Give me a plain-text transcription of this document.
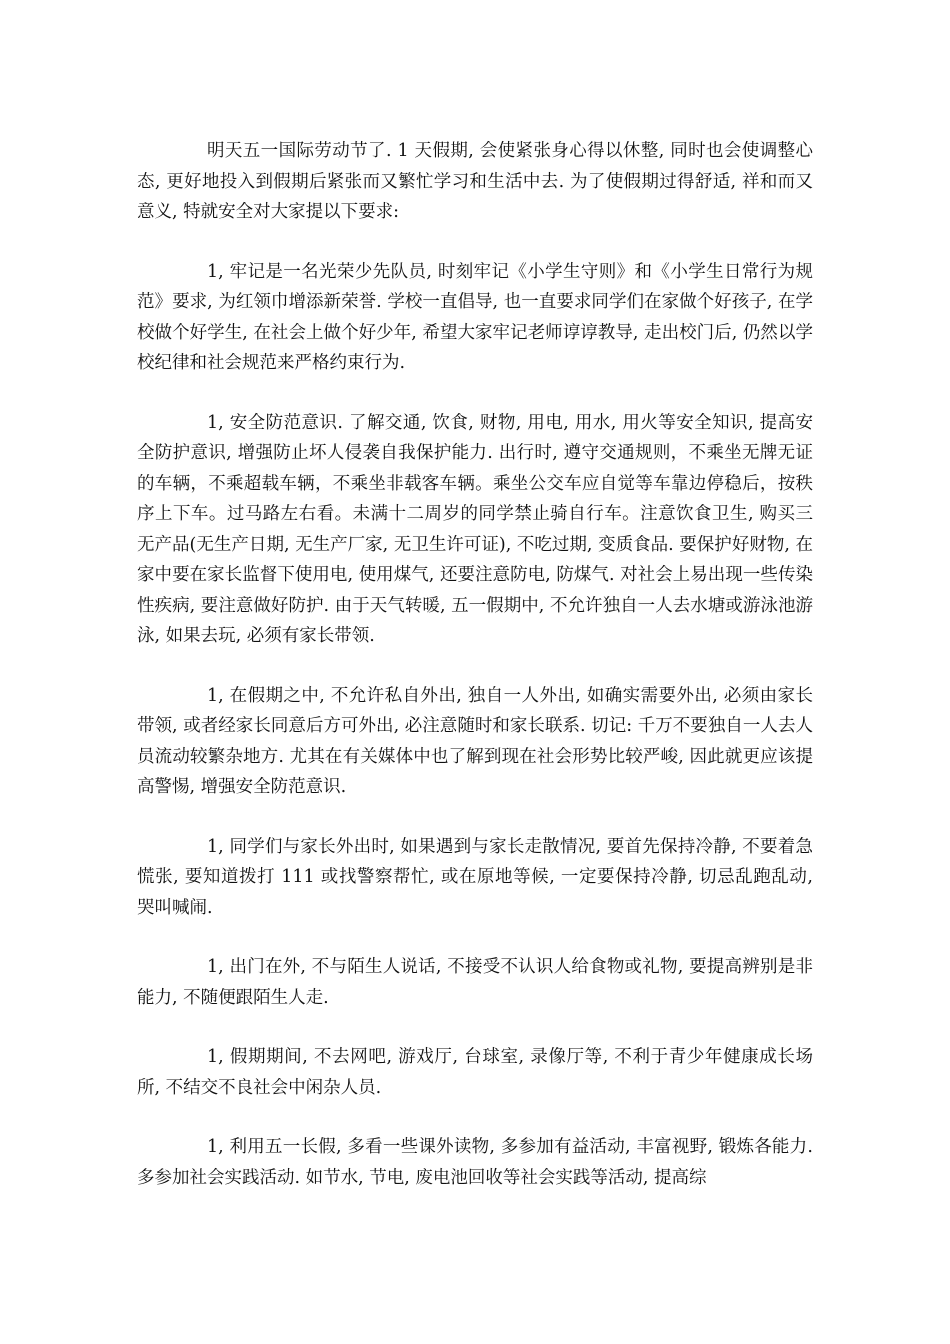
明天五一国际劳动节了. 1 天假期, 会使紧张身心得以休整, 同时也会使调整心态, 更好地投入到假期后紧张而又繁忙学习和生活中去. 为了使假期过得舒适, 祥和而又意义, 特就安全对大家提以下要求:

1, 牢记是一名光荣少先队员, 时刻牢记《小学生守则》和《小学生日常行为规范》要求, 为红领巾增添新荣誉. 学校一直倡导, 也一直要求同学们在家做个好孩子, 在学校做个好学生, 在社会上做个好少年, 希望大家牢记老师谆谆教导, 走出校门后, 仍然以学校纪律和社会规范来严格约束行为.

1, 安全防范意识. 了解交通, 饮食, 财物, 用电, 用水, 用火等安全知识, 提高安全防护意识, 增强防止坏人侵袭自我保护能力. 出行时, 遵守交通规则，不乘坐无牌无证的车辆，不乘超载车辆，不乘坐非载客车辆。乘坐公交车应自觉等车靠边停稳后，按秩序上下车。过马路左右看。未满十二周岁的同学禁止骑自行车。注意饮食卫生, 购买三无产品(无生产日期, 无生产厂家, 无卫生许可证), 不吃过期, 变质食品. 要保护好财物, 在家中要在家长监督下使用电, 使用煤气, 还要注意防电, 防煤气. 对社会上易出现一些传染性疾病, 要注意做好防护. 由于天气转暖, 五一假期中, 不允许独自一人去水塘或游泳池游泳, 如果去玩, 必须有家长带领.

1, 在假期之中, 不允许私自外出, 独自一人外出, 如确实需要外出, 必须由家长带领, 或者经家长同意后方可外出, 必注意随时和家长联系. 切记: 千万不要独自一人去人员流动较繁杂地方. 尤其在有关媒体中也了解到现在社会形势比较严峻, 因此就更应该提高警惕, 增强安全防范意识.

1, 同学们与家长外出时, 如果遇到与家长走散情况, 要首先保持冷静, 不要着急慌张, 要知道拨打 111 或找警察帮忙, 或在原地等候, 一定要保持冷静, 切忌乱跑乱动, 哭叫喊闹.

1, 出门在外, 不与陌生人说话, 不接受不认识人给食物或礼物, 要提高辨别是非能力, 不随便跟陌生人走.

1, 假期期间, 不去网吧, 游戏厅, 台球室, 录像厅等, 不利于青少年健康成长场所, 不结交不良社会中闲杂人员.

1, 利用五一长假, 多看一些课外读物, 多参加有益活动, 丰富视野, 锻炼各能力. 多参加社会实践活动. 如节水, 节电, 废电池回收等社会实践等活动, 提高综
